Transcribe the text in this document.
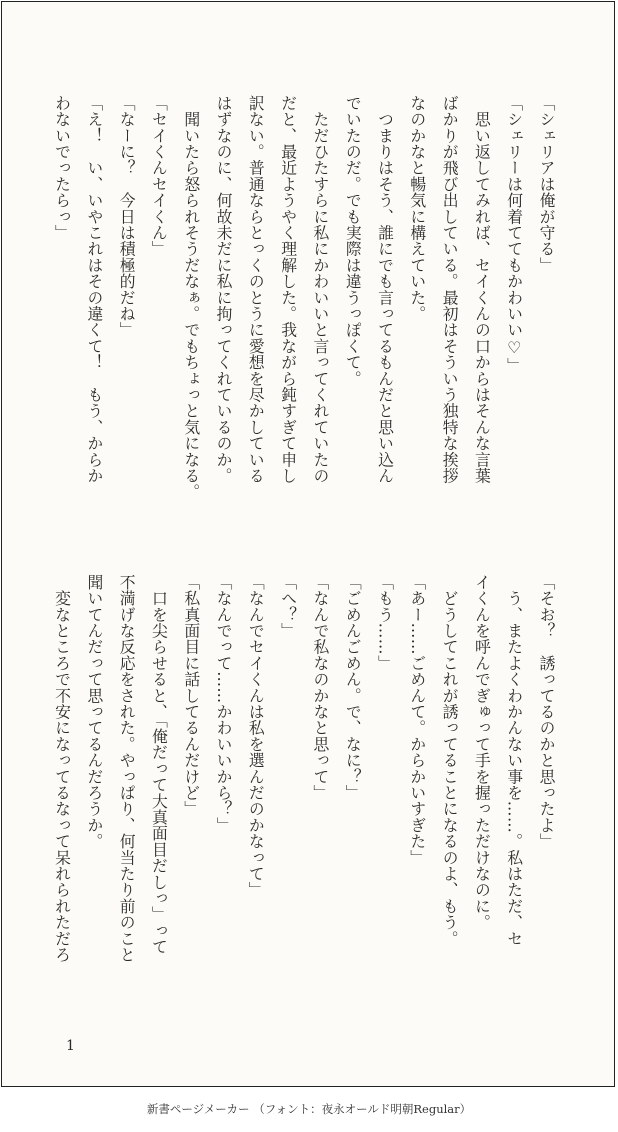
「シェリアは俺が守る」
「シェリーは何着ててもかわいい♡」
　思い返してみれば、セイくんの口からはそんな言葉
ばかりが飛び出している。最初はそういう独特な挨拶
なのかなと暢気に構えていた。
　つまりはそう、誰にでも言ってるもんだと思い込ん
でいたのだ。でも実際は違うっぽくて。
　ただひたすらに私にかわいいと言ってくれていたの
だと、最近ようやく理解した。我ながら鈍すぎて申し
訳ない。普通ならとっくのとうに愛想を尽かしている
はずなのに、何故未だに私に拘ってくれているのか。
　聞いたら怒られそうだなぁ。でもちょっと気になる。
「セイくんセイくん」
「なーに？　今日は積極的だね」
「え！　い、いやこれはその違くて！　もう、からか
わないでったらっ」
「そお？　誘ってるのかと思ったよ」
　う、またよくわかんない事を……。私はただ、セ
イくんを呼んでぎゅって手を握っただけなのに。
　どうしてこれが誘ってることになるのよ、もう。
「あー……ごめんて。からかいすぎた」
「もう……」
「ごめんごめん。で、なに？」
「なんで私なのかなと思って」
「へ？」
「なんでセイくんは私を選んだのかなって」
「なんでって……かわいいから？」
「私真面目に話してるんだけど」
　口を尖らせると、「俺だって大真面目だしっ」って
不満げな反応をされた。やっぱり、何当たり前のこと
聞いてんだって思ってるんだろうか。
　変なところで不安になってるなって呆れられただろ
1
新書ページメーカー （フォント：夜永オールド明朝Regular）
